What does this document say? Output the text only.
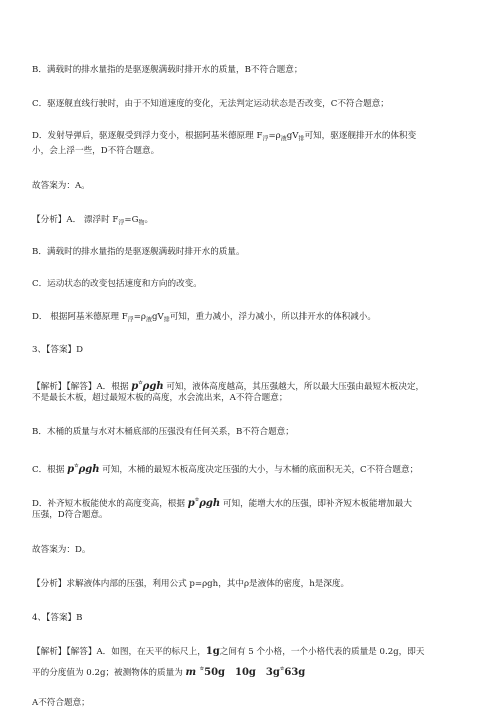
B．满载时的排水量指的是驱逐舰满载时排开水的质量，B不符合题意；
C．驱逐舰直线行驶时，由于不知道速度的变化，无法判定运动状态是否改变，C不符合题意；
D．发射导弹后，驱逐舰受到浮力变小，根据阿基米德原理 $F_浮=\rho_液gV_排$可知，驱逐舰排开水的体积变
小，会上浮一些，D不符合题意。
故答案为：A。
【分析】A． 漂浮时 $F_浮=G_物$。
B．满载时的排水量指的是驱逐舰满载时排开水的质量。
C．运动状态的改变包括速度和方向的改变。
D． 根据阿基米德原理 $F_浮=\rho_液gV_排$可知，重力减小，浮力减小，所以排开水的体积减小。
3、【答案】D
【解析】【解答】A．根据 p☆ρgh 可知，液体高度越高，其压强越大，所以最大压强由最短木板决定，
不是最长木板，超过最短木板的高度，水会流出来，A不符合题意；
B．木桶的质量与水对木桶底部的压强没有任何关系，B不符合题意；
C．根据 p☆ρgh 可知，木桶的最短木板高度决定压强的大小，与木桶的底面积无关，C不符合题意；
D．补齐短木板能使水的高度变高，根据 p☆ρgh 可知，能增大水的压强，即补齐短木板能增加最大
压强，D符合题意。
故答案为：D。
【分析】求解液体内部的压强，利用公式 p=ρgh，其中ρ是液体的密度，h是深度。
4、【答案】B
【解析】【解答】A．如图，在天平的标尺上，1g之间有 5 个小格，一个小格代表的质量是 0.2g，即天
平的分度值为 0.2g；被测物体的质量为 m ☆50g　10g　3g☆63g
A不符合题意；
